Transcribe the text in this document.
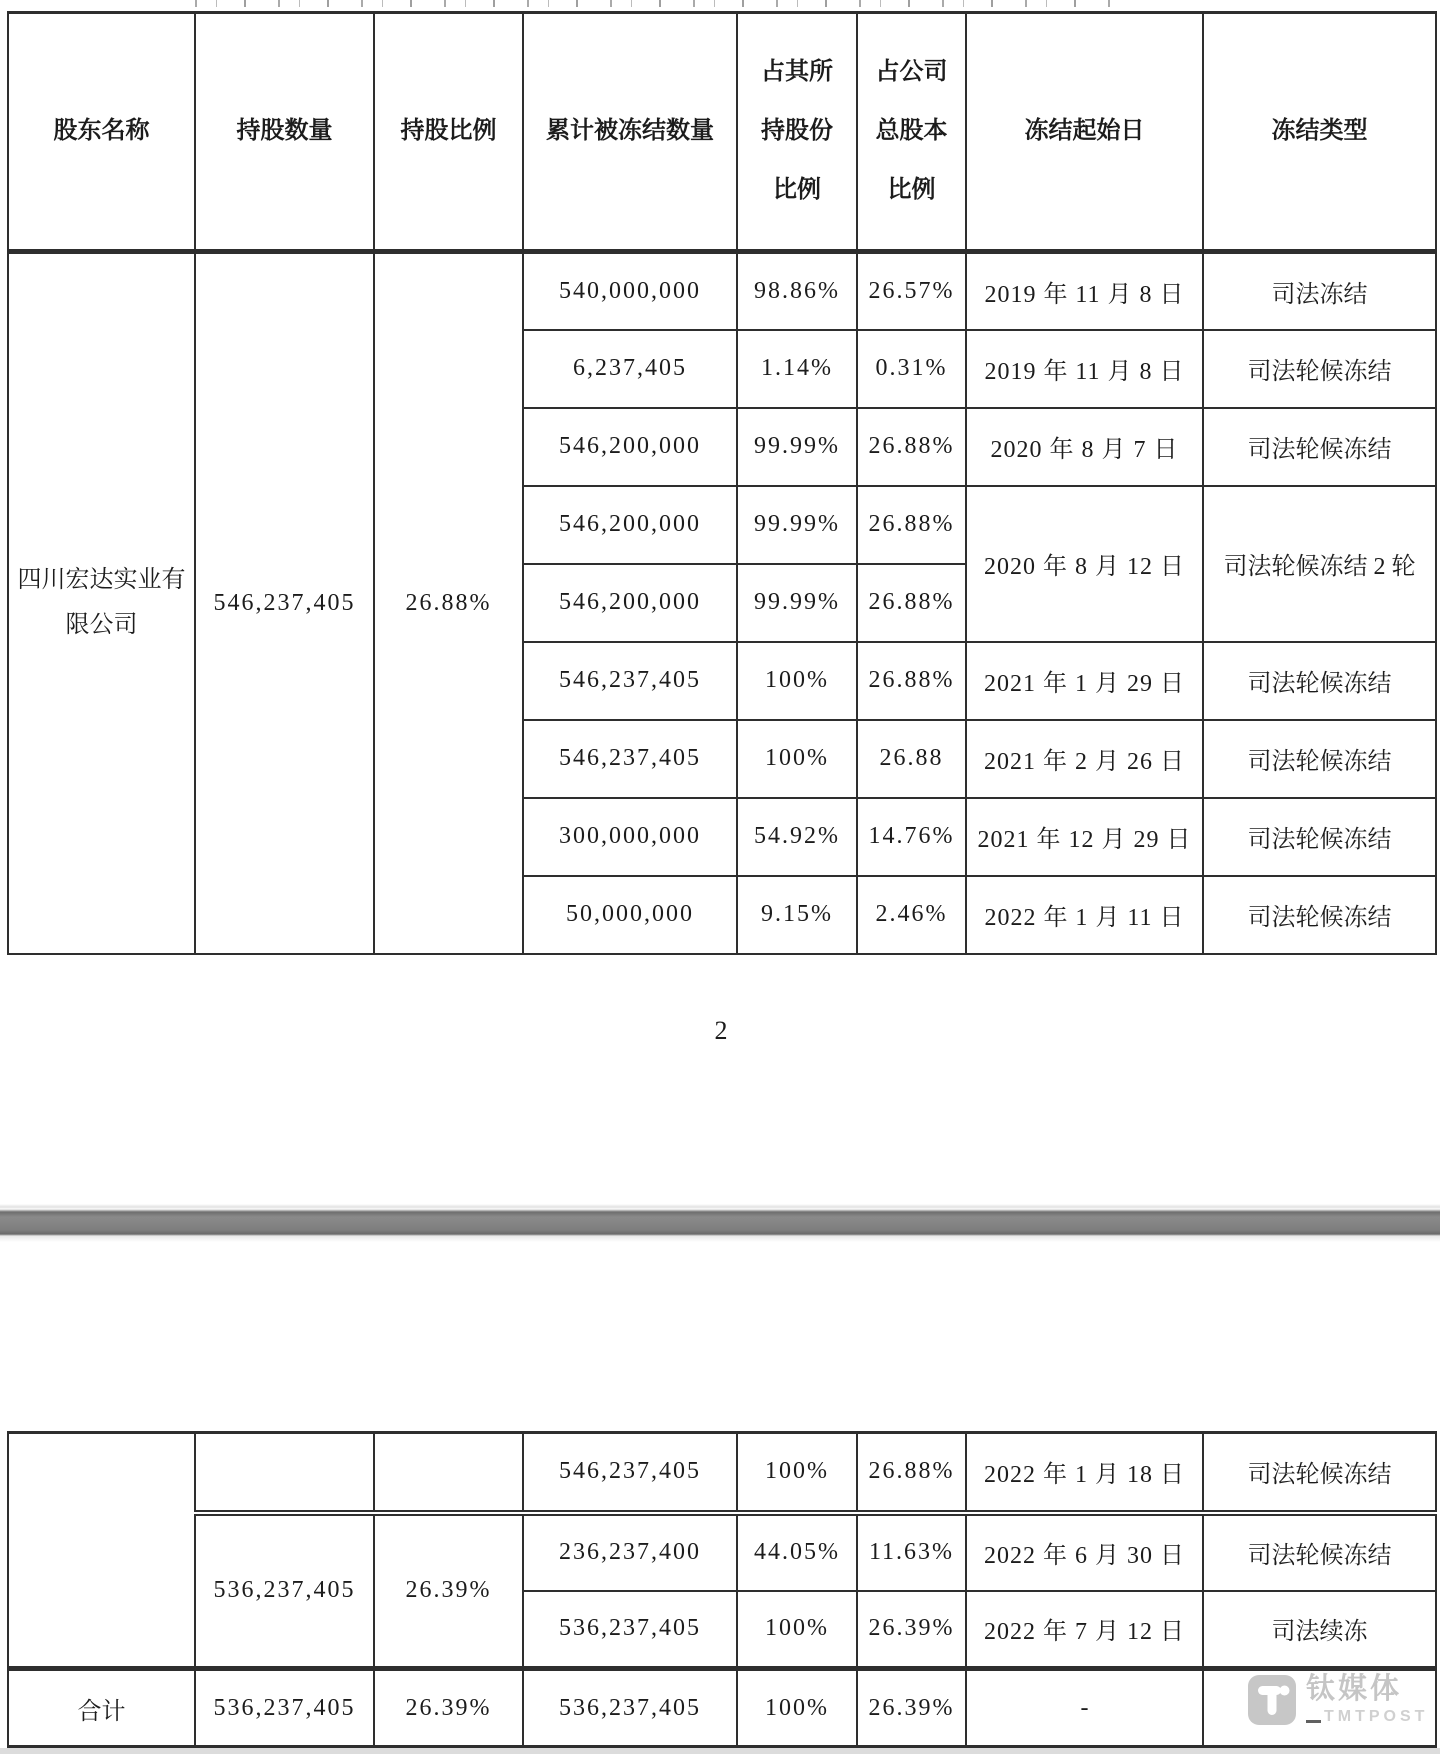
股东名称	持股数量	持股比例	累计被冻结数量	占其所持股份比例	占公司总股本比例	冻结起始日	冻结类型
四川宏达实业有限公司	546,237,405	26.88%	540,000,000	98.86%	26.57%	2019 年 11 月 8 日	司法冻结
			6,237,405	1.14%	0.31%	2019 年 11 月 8 日	司法轮候冻结
			546,200,000	99.99%	26.88%	2020 年 8 月 7 日	司法轮候冻结
			546,200,000	99.99%	26.88%	2020 年 8 月 12 日	司法轮候冻结 2 轮
			546,200,000	99.99%	26.88%		
			546,237,405	100%	26.88%	2021 年 1 月 29 日	司法轮候冻结
			546,237,405	100%	26.88	2021 年 2 月 26 日	司法轮候冻结
			300,000,000	54.92%	14.76%	2021 年 12 月 29 日	司法轮候冻结
			50,000,000	9.15%	2.46%	2022 年 1 月 11 日	司法轮候冻结
2
			546,237,405	100%	26.88%	2022 年 1 月 18 日	司法轮候冻结
	536,237,405	26.39%	236,237,400	44.05%	11.63%	2022 年 6 月 30 日	司法轮候冻结
			536,237,405	100%	26.39%	2022 年 7 月 12 日	司法续冻
合计	536,237,405	26.39%	536,237,405	100%	26.39%	-	
钛媒体
TMTPOST
